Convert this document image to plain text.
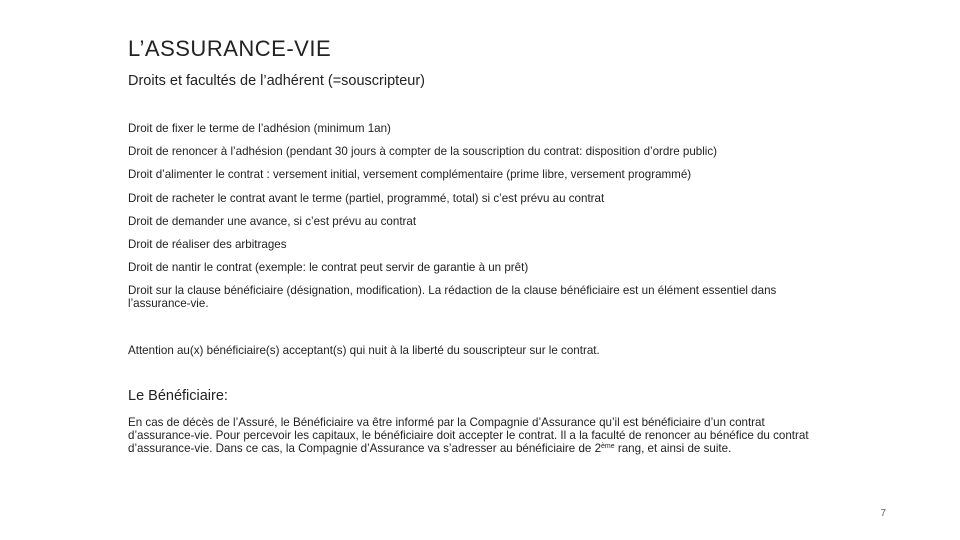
L’ASSURANCE-VIE
Droits et facultés de l’adhérent (=souscripteur)
Droit de fixer le terme de l’adhésion (minimum 1an)
Droit de renoncer à l’adhésion (pendant 30 jours à compter de la souscription du contrat: disposition d’ordre public)
Droit d’alimenter le contrat : versement initial, versement complémentaire (prime libre, versement programmé)
Droit de racheter le contrat avant le terme (partiel, programmé, total) si c’est prévu au contrat
Droit de demander une avance, si c’est prévu au contrat
Droit de réaliser des arbitrages
Droit de nantir le contrat (exemple: le contrat peut servir de garantie à un prêt)
Droit sur la clause bénéficiaire (désignation, modification). La rédaction de la clause bénéficiaire est un élément essentiel dans l’assurance-vie.
Attention au(x) bénéficiaire(s) acceptant(s) qui nuit à la liberté du souscripteur sur le contrat.
Le Bénéficiaire:
En cas de décès de l’Assuré, le Bénéficiaire va être informé par la Compagnie d’Assurance qu’il est bénéficiaire d’un contrat d’assurance-vie. Pour percevoir les capitaux, le bénéficiaire doit accepter le contrat. Il a la faculté de renoncer au bénéfice du contrat d’assurance-vie. Dans ce cas, la Compagnie d’Assurance va s’adresser au bénéficiaire de 2ème rang, et ainsi de suite.
7
